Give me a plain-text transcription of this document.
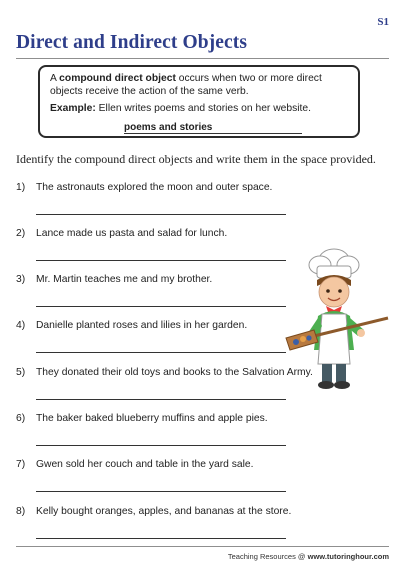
S1
Direct and Indirect Objects
A compound direct object occurs when two or more direct
objects receive the action of the same verb.
Example: Ellen writes poems and stories on her website.
poems and stories
Identify the compound direct objects and write them in the space provided.
1) The astronauts explored the moon and outer space.
2) Lance made us pasta and salad for lunch.
3) Mr. Martin teaches me and my brother.
4) Danielle planted roses and lilies in her garden.
5) They donated their old toys and books to the Salvation Army.
6) The baker baked blueberry muffins and apple pies.
7) Gwen sold her couch and table in the yard sale.
8) Kelly bought oranges, apples, and bananas at the store.
Teaching Resources @ www.tutoringhour.com
